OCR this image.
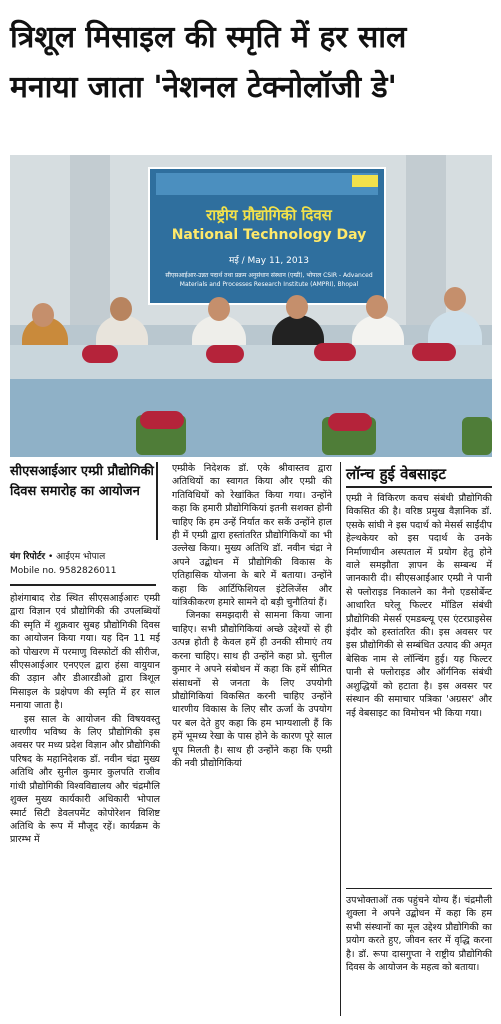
त्रिशूल मिसाइल की स्मृति में हर साल
मनाया जाता 'नेशनल टेक्नोलॉजी डे'
राष्ट्रीय प्रौद्योगिकी दिवस
National Technology Day
मई / May 11, 2013
सीएसआईआर-उन्नत पदार्थ तथा प्रक्रम अनुसंधान संस्थान (एम्प्री), भोपाल CSIR - Advanced Materials and Processes Research Institute (AMPRI), Bhopal
सीएसआईआर एम्प्री प्रौद्योगिकी दिवस समारोह का आयोजन
यंग रिपोर्टर • आईएम भोपाल
Mobile no. 9582826011

होशंगाबाद रोड स्थित सीएसआईआरः एम्प्री द्वारा विज्ञान एवं प्रौद्योगिकी की उपलब्धियों की स्मृति में शुक्रवार सुबह प्रौद्योगिकी दिवस का आयोजन किया गया। यह दिन 11 मई को पोखरण में परमाणु विस्फोटों की सीरीज, सीएसआईआर एनएएल द्वारा हंसा वायुयान की उड़ान और डीआरडीओ द्वारा त्रिशूल मिसाइल के प्रक्षेपण की स्मृति में हर साल मनाया जाता है।

इस साल के आयोजन की विषयवस्तु धारणीय भविष्य के लिए प्रौद्योगिकी इस अवसर पर मध्य प्रदेश विज्ञान और प्रौद्योगिकी परिषद के महानिदेशक डॉ. नवीन चंद्रा मुख्य अतिथि और सुनील कुमार कुलपति राजीव गांधी प्रौद्योगिकी विश्वविद्यालय और चंद्रमौलि शुक्ल मुख्य कार्यकारी अधिकारी भोपाल स्मार्ट सिटी डेवलपमेंट कोपोरेशन विशिष्ट अतिथि के रूप में मौजूद रहें। कार्यक्रम के प्रारम्भ में

एम्प्रीके निदेशक डॉ. एके श्रीवास्तव द्वारा अतिथियों का स्वागत किया और एम्प्री की गतिविधियों को रेखांकित किया गया। उन्होंने कहा कि हमारी प्रौद्योगिकियां इतनी सशक्त होनी चाहिए कि हम उन्हें निर्यात कर सकें उन्होंने हाल ही में एम्प्री द्वारा हस्तांतरित प्रौद्योगिकियों का भी उल्लेख किया। मुख्य अतिथि डॉ. नवीन चंद्रा ने अपने उद्बोधन में प्रौद्योगिकी विकास के एतिहासिक योजना के बारे में बताया। उन्होंने कहा कि आर्टिफिशियल इंटेलिजेंस और यांत्रिकीकरण हमारे सामने दो बड़ी चुनौतियां हैं।

जिनका समझदारी से सामना किया जाना चाहिए। सभी प्रौद्योगिकियां अच्छे उद्देश्यों से ही उत्पन्न होती है केवल हमें ही उनकी सीमाएं तय करना चाहिए। साथ ही उन्होंने कहा प्रो. सुनील कुमार ने अपने संबोधन में कहा कि हमें सीमित संसाधनों से जनता के लिए उपयोगी प्रौद्योगिकियां विकसित करनी चाहिए उन्होंने धारणीय विकास के लिए सौर ऊर्जा के उपयोग पर बल देते हुए कहा कि हम भाग्यशाली हैं कि हमें भूमध्य रेखा के पास होने के कारण पूरे साल धूप मिलती है। साथ ही उन्होंने कहा कि एम्प्री की नवी प्रौद्योगिकियां

लॉन्च हुई वेबसाइट

एम्प्री ने विकिरण कवच संबंधी प्रौद्योगिकी विकसित की है। वरिष्ठ प्रमुख वैज्ञानिक डॉ. एसके सांघी ने इस पदार्थ को मेसर्स साईंदीप हेल्थकेयर को इस पदार्थ के उनके निर्माणाधीन अस्पताल में प्रयोग हेतु होने वाले समझौता ज्ञापन के सम्बन्ध में जानकारी दी। सीएसआईआर एम्प्री ने पानी से फ्लोराइड निकालने का नैनो एडसोर्बेन्ट आधारित घरेलू फिल्टर मॉडिल संबंधी प्रौद्योगिकी मेसर्स एमडब्ल्यू एस एंटरप्राइसेस इंदौर को हस्तांतरित की। इस अवसर पर इस प्रौद्योगिकी से सम्बंधित उत्पाद की अमृत बेसिक नाम से लॉन्चिंग हुई। यह फिल्टर पानी से फ्लोराइड और ऑर्गनिक संबंधी अशुद्धियों को हटाता है। इस अवसर पर संस्थान की समाचार पत्रिका 'अग्रसर' और नई वेबसाइट का विमोचन भी किया गया।

उपभोक्ताओं तक पहुंचने योग्य हैं। चंद्रमौली शुक्ला ने अपने उद्बोधन में कहा कि हम सभी संस्थानों का मूल उद्देश्य प्रौद्योगिकी का प्रयोग करते हुए, जीवन स्तर में वृद्धि करना है। डॉ. रूपा दासगुप्ता ने राष्ट्रीय प्रौद्योगिकी दिवस के आयोजन के महत्व को बताया।
